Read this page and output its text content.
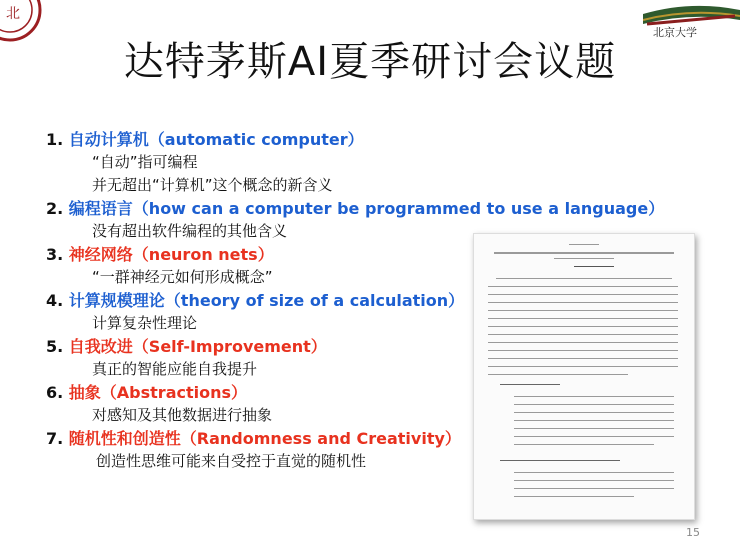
北
北京大学
达特茅斯AI夏季研讨会议题
1. 自动计算机（automatic computer）
“自动”指可编程
并无超出“计算机”这个概念的新含义
2. 编程语言（how can a computer be programmed to use a language）
没有超出软件编程的其他含义
3. 神经网络（neuron nets）
“一群神经元如何形成概念”
4. 计算规模理论（theory of size of a calculation）
计算复杂性理论
5. 自我改进（Self-Improvement）
真正的智能应能自我提升
6. 抽象（Abstractions）
对感知及其他数据进行抽象
7. 随机性和创造性（Randomness and Creativity）
创造性思维可能来自受控于直觉的随机性
15
